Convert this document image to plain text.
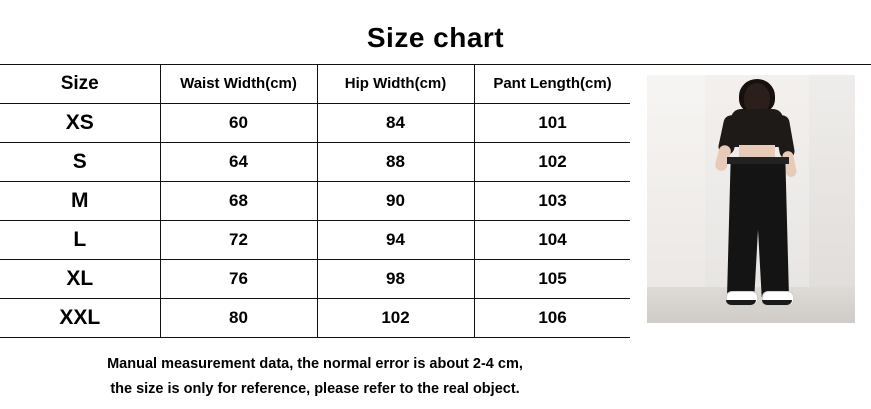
Size chart
Size	Waist Width(cm)	Hip Width(cm)	Pant Length(cm)
XS	60	84	101
S	64	88	102
M	68	90	103
L	72	94	104
XL	76	98	105
XXL	80	102	106
Manual measurement data, the normal error is about 2-4 cm,
the size is only for reference, please refer to the real object.
